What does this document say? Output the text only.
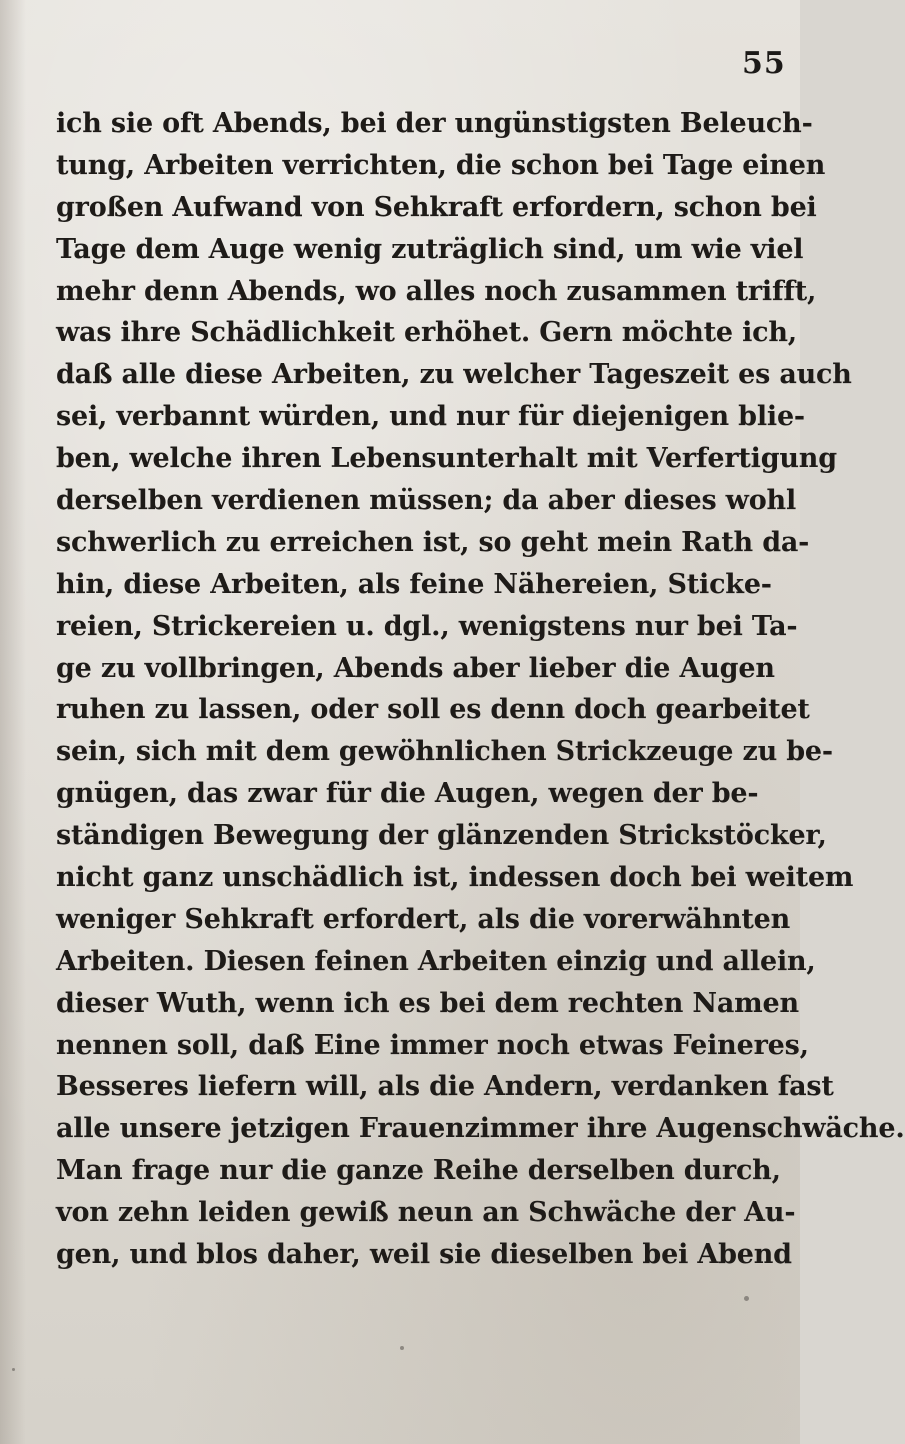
55
ich sie oft Abends, bei der ungünstigsten Beleuch-
tung, Arbeiten verrichten, die schon bei Tage einen
großen Aufwand von Sehkraft erfordern, schon bei
Tage dem Auge wenig zuträglich sind, um wie viel
mehr denn Abends, wo alles noch zusammen trifft,
was ihre Schädlichkeit erhöhet. Gern möchte ich,
daß alle diese Arbeiten, zu welcher Tageszeit es auch
sei, verbannt würden, und nur für diejenigen blie-
ben, welche ihren Lebensunterhalt mit Verfertigung
derselben verdienen müssen; da aber dieses wohl
schwerlich zu erreichen ist, so geht mein Rath da-
hin, diese Arbeiten, als feine Nähereien, Sticke-
reien, Strickereien u. dgl., wenigstens nur bei Ta-
ge zu vollbringen, Abends aber lieber die Augen
ruhen zu lassen, oder soll es denn doch gearbeitet
sein, sich mit dem gewöhnlichen Strickzeuge zu be-
gnügen, das zwar für die Augen, wegen der be-
ständigen Bewegung der glänzenden Strickstöcker,
nicht ganz unschädlich ist, indessen doch bei weitem
weniger Sehkraft erfordert, als die vorerwähnten
Arbeiten. Diesen feinen Arbeiten einzig und allein,
dieser Wuth, wenn ich es bei dem rechten Namen
nennen soll, daß Eine immer noch etwas Feineres,
Besseres liefern will, als die Andern, verdanken fast
alle unsere jetzigen Frauenzimmer ihre Augenschwäche.
Man frage nur die ganze Reihe derselben durch,
von zehn leiden gewiß neun an Schwäche der Au-
gen, und blos daher, weil sie dieselben bei Abend
